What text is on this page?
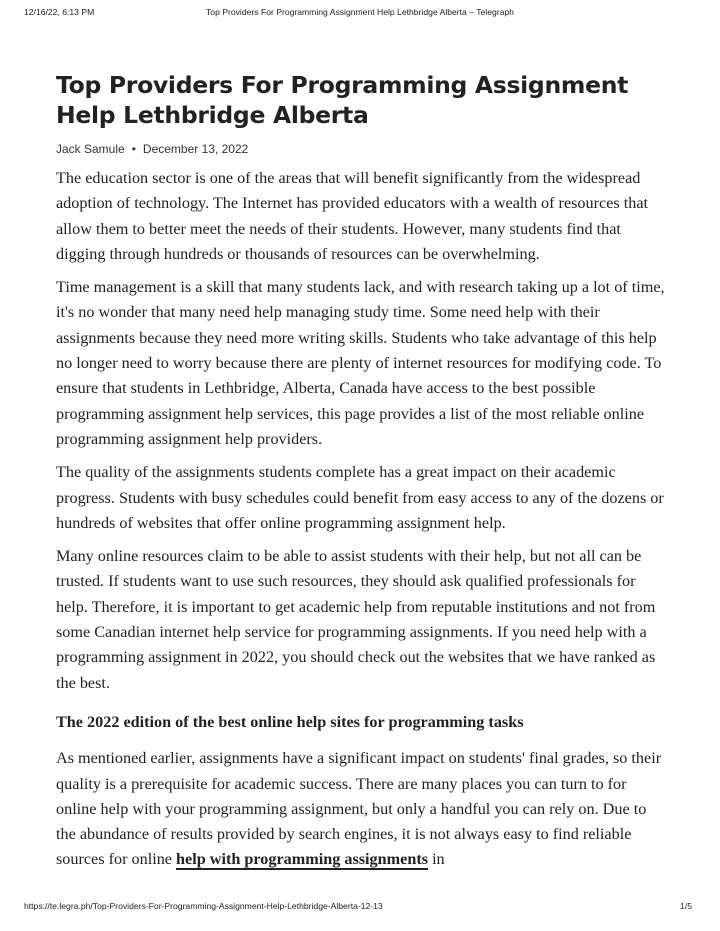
12/16/22, 6:13 PM	Top Providers For Programming Assignment Help Lethbridge Alberta – Telegraph
Top Providers For Programming Assignment Help Lethbridge Alberta
Jack Samule • December 13, 2022

The education sector is one of the areas that will benefit significantly from the widespread adoption of technology. The Internet has provided educators with a wealth of resources that allow them to better meet the needs of their students. However, many students find that digging through hundreds or thousands of resources can be overwhelming.

Time management is a skill that many students lack, and with research taking up a lot of time, it's no wonder that many need help managing study time. Some need help with their assignments because they need more writing skills. Students who take advantage of this help no longer need to worry because there are plenty of internet resources for modifying code. To ensure that students in Lethbridge, Alberta, Canada have access to the best possible programming assignment help services, this page provides a list of the most reliable online programming assignment help providers.

The quality of the assignments students complete has a great impact on their academic progress. Students with busy schedules could benefit from easy access to any of the dozens or hundreds of websites that offer online programming assignment help.

Many online resources claim to be able to assist students with their help, but not all can be trusted. If students want to use such resources, they should ask qualified professionals for help. Therefore, it is important to get academic help from reputable institutions and not from some Canadian internet help service for programming assignments. If you need help with a programming assignment in 2022, you should check out the websites that we have ranked as the best.

The 2022 edition of the best online help sites for programming tasks

As mentioned earlier, assignments have a significant impact on students' final grades, so their quality is a prerequisite for academic success. There are many places you can turn to for online help with your programming assignment, but only a handful you can rely on. Due to the abundance of results provided by search engines, it is not always easy to find reliable sources for online help with programming assignments in

https://te.legra.ph/Top-Providers-For-Programming-Assignment-Help-Lethbridge-Alberta-12-13	1/5
